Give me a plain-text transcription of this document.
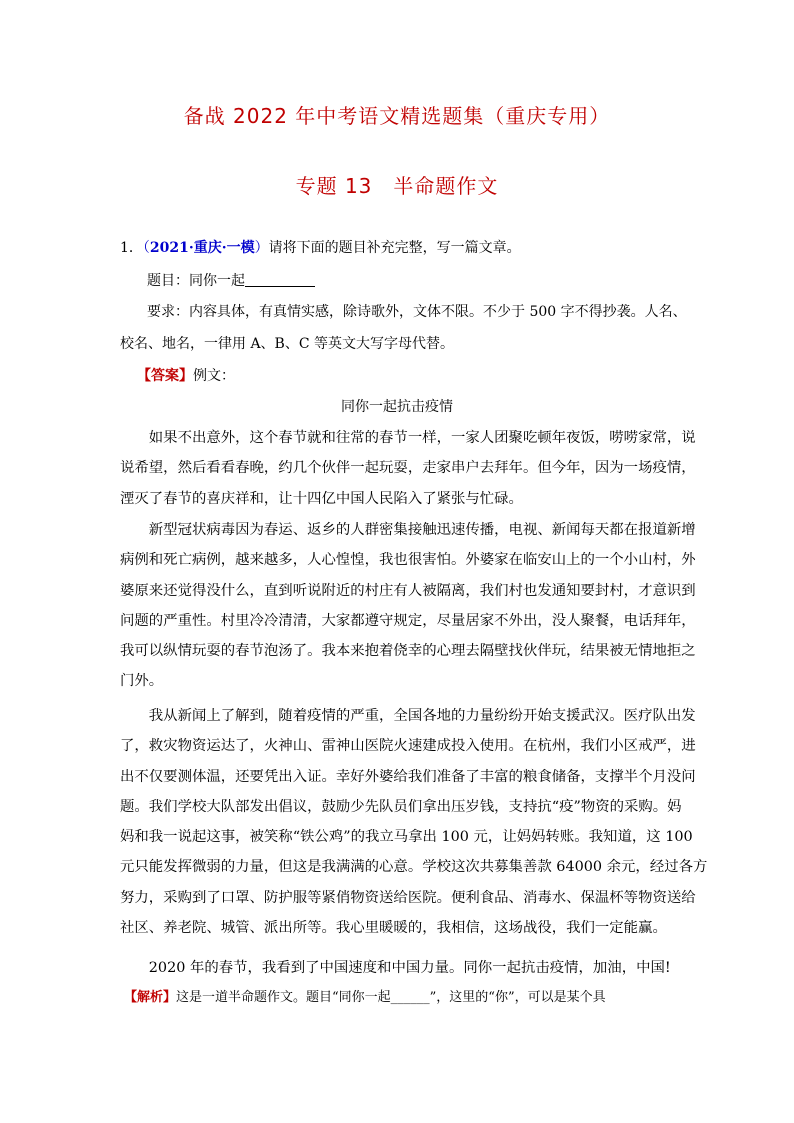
备战 2022 年中考语文精选题集（重庆专用）
专题 13　半命题作文
1．（2021·重庆·一模）请将下面的题目补充完整，写一篇文章。
题目：同你一起
要求：内容具体，有真情实感，除诗歌外，文体不限。不少于 500 字不得抄袭。人名、
校名、地名，一律用 A、B、C 等英文大写字母代替。
【答案】例文：
同你一起抗击疫情
　　如果不出意外，这个春节就和往常的春节一样，一家人团聚吃顿年夜饭，唠唠家常，说
说希望，然后看看春晚，约几个伙伴一起玩耍，走家串户去拜年。但今年，因为一场疫情，
湮灭了春节的喜庆祥和，让十四亿中国人民陷入了紧张与忙碌。
　　新型冠状病毒因为春运、返乡的人群密集接触迅速传播，电视、新闻每天都在报道新增
病例和死亡病例，越来越多，人心惶惶，我也很害怕。外婆家在临安山上的一个小山村，外
婆原来还觉得没什么，直到听说附近的村庄有人被隔离，我们村也发通知要封村，才意识到
问题的严重性。村里冷冷清清，大家都遵守规定，尽量居家不外出，没人聚餐，电话拜年，
我可以纵情玩耍的春节泡汤了。我本来抱着侥幸的心理去隔壁找伙伴玩，结果被无情地拒之
门外。
　　我从新闻上了解到，随着疫情的严重，全国各地的力量纷纷开始支援武汉。医疗队出发
了，救灾物资运达了，火神山、雷神山医院火速建成投入使用。在杭州，我们小区戒严，进
出不仅要测体温，还要凭出入证。幸好外婆给我们准备了丰富的粮食储备，支撑半个月没问
题。我们学校大队部发出倡议，鼓励少先队员们拿出压岁钱，支持抗“疫”物资的采购。妈
妈和我一说起这事，被笑称“铁公鸡”的我立马拿出 100 元，让妈妈转账。我知道，这 100
元只能发挥微弱的力量，但这是我满满的心意。学校这次共募集善款 64000 余元，经过各方
努力，采购到了口罩、防护服等紧俏物资送给医院。便利食品、消毒水、保温杯等物资送给
社区、养老院、城管、派出所等。我心里暖暖的，我相信，这场战役，我们一定能赢。
　　2020 年的春节，我看到了中国速度和中国力量。同你一起抗击疫情，加油，中国!
【解析】这是一道半命题作文。题目“同你一起______”，这里的“你”，可以是某个具
